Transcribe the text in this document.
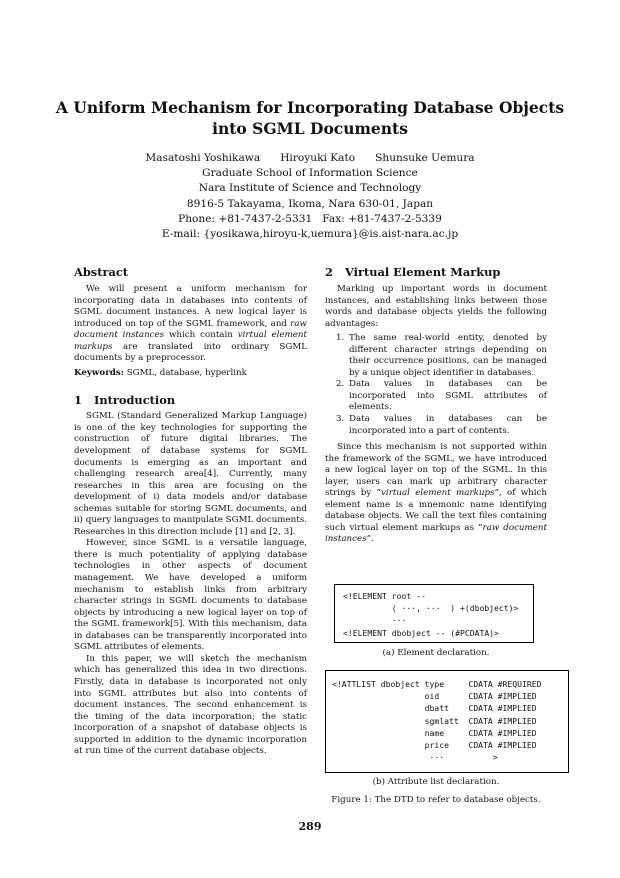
A Uniform Mechanism for Incorporating Database Objects
into SGML Documents
Masatoshi Yoshikawa Hiroyuki Kato Shunsuke Uemura
Graduate School of Information Science
Nara Institute of Science and Technology
8916-5 Takayama, Ikoma, Nara 630-01, Japan
Phone: +81-7437-2-5331   Fax: +81-7437-2-5339
E-mail: {yosikawa,hiroyu-k,uemura}@is.aist-nara.ac.jp
Abstract

We will present a uniform mechanism for incorporating data in databases into contents of SGML document instances. A new logical layer is introduced on top of the SGML framework, and raw document instances which contain virtual element markups are translated into ordinary SGML documents by a preprocessor.

Keywords: SGML, database, hyperlink

1 Introduction

SGML (Standard Generalized Markup Language) is one of the key technologies for supporting the construction of future digital libraries. The development of database systems for SGML documents is emerging as an important and challenging research area[4]. Currently, many researches in this area are focusing on the development of i) data models and/or database schemas suitable for storing SGML documents, and ii) query languages to manipulate SGML documents. Researches in this direction include [1] and [2, 3].

However, since SGML is a versatile language, there is much potentiality of applying database technologies in other aspects of document management. We have developed a uniform mechanism to establish links from arbitrary character strings in SGML documents to database objects by introducing a new logical layer on top of the SGML framework[5]. With this mechanism, data in databases can be transparently incorporated into SGML attributes of elements.

In this paper, we will sketch the mechanism which has generalized this idea in two directions. Firstly, data in database is incorporated not only into SGML attributes but also into contents of document instances. The second enhancement is the timing of the data incorporation; the static incorporation of a snapshot of database objects is supported in addition to the dynamic incorporation at run time of the current database objects.

2 Virtual Element Markup

Marking up important words in document instances, and establishing links between those words and database objects yields the following advantages:

1. The same real-world entity, denoted by different character strings depending on their occurrence positions, can be managed by a unique object identifier in databases.
2. Data values in databases can be incorporated into SGML attributes of elements.
3. Data values in databases can be incorporated into a part of contents.

Since this mechanism is not supported within the framework of the SGML, we have introduced a new logical layer on top of the SGML. In this layer, users can mark up arbitrary character strings by “virtual element markups”, of which element name is a mnemonic name identifying database objects. We call the text files containing such virtual element markups as “raw document instances”.

<!ELEMENT root --
( ···, ···  ) +(dbobject)>
···
<!ELEMENT dbobject -- (#PCDATA)>
(a) Element declaration.
<!ATTLIST dbobject type     CDATA #REQUIRED
oid      CDATA #IMPLIED
dbatt    CDATA #IMPLIED
sgmlatt  CDATA #IMPLIED
name     CDATA #IMPLIED
price    CDATA #IMPLIED
···          >
(b) Attribute list declaration.
Figure 1: The DTD to refer to database objects.
289
